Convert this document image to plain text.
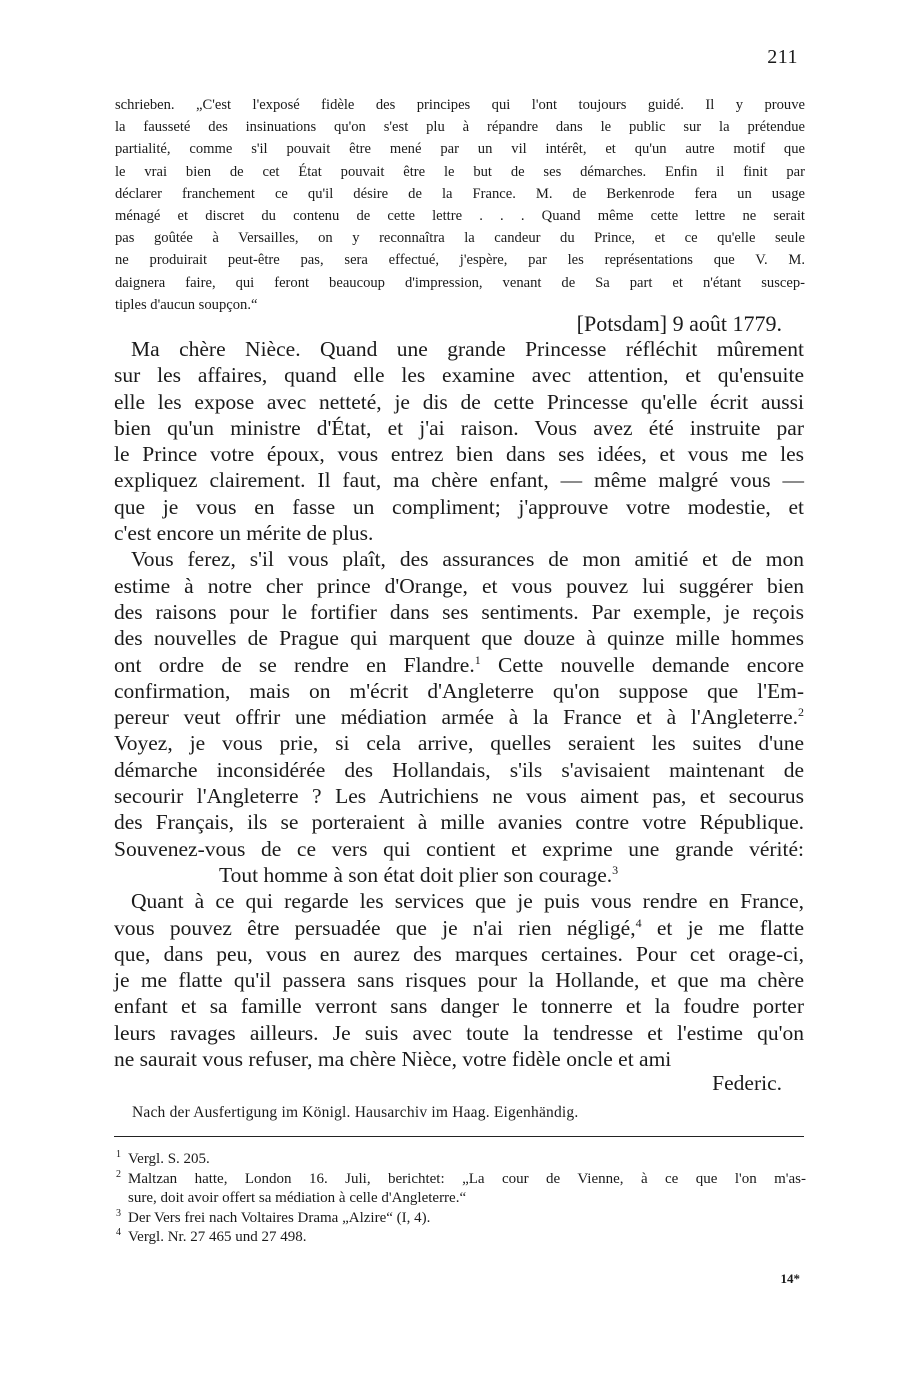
211
schrieben. „C'est l'exposé fidèle des principes qui l'ont toujours guidé. Il y prouve
la fausseté des insinuations qu'on s'est plu à répandre dans le public sur la prétendue
partialité, comme s'il pouvait être mené par un vil intérêt, et qu'un autre motif que
le vrai bien de cet État pouvait être le but de ses démarches. Enfin il finit par
déclarer franchement ce qu'il désire de la France. M. de Berkenrode fera un usage
ménagé et discret du contenu de cette lettre . . . Quand même cette lettre ne serait
pas goûtée à Versailles, on y reconnaîtra la candeur du Prince, et ce qu'elle seule
ne produirait peut-être pas, sera effectué, j'espère, par les représentations que V. M.
daignera faire, qui feront beaucoup d'impression, venant de Sa part et n'étant suscep-
tiples d'aucun soupçon.“
[Potsdam] 9 août 1779.
Ma chère Nièce. Quand une grande Princesse réfléchit mûrement
sur les affaires, quand elle les examine avec attention, et qu'ensuite
elle les expose avec netteté, je dis de cette Princesse qu'elle écrit aussi
bien qu'un ministre d'État, et j'ai raison. Vous avez été instruite par
le Prince votre époux, vous entrez bien dans ses idées, et vous me les
expliquez clairement. Il faut, ma chère enfant, — même malgré vous —
que je vous en fasse un compliment; j'approuve votre modestie, et
c'est encore un mérite de plus.
Vous ferez, s'il vous plaît, des assurances de mon amitié et de mon
estime à notre cher prince d'Orange, et vous pouvez lui suggérer bien
des raisons pour le fortifier dans ses sentiments. Par exemple, je reçois
des nouvelles de Prague qui marquent que douze à quinze mille hommes
ont ordre de se rendre en Flandre.$^1$ Cette nouvelle demande encore
confirmation, mais on m'écrit d'Angleterre qu'on suppose que l'Em-
pereur veut offrir une médiation armée à la France et à l'Angleterre.$^2$
Voyez, je vous prie, si cela arrive, quelles seraient les suites d'une
démarche inconsidérée des Hollandais, s'ils s'avisaient maintenant de
secourir l'Angleterre ? Les Autrichiens ne vous aiment pas, et secourus
des Français, ils se porteraient à mille avanies contre votre République.
Souvenez-vous de ce vers qui contient et exprime une grande vérité:
Tout homme à son état doit plier son courage.$^3$
Quant à ce qui regarde les services que je puis vous rendre en France,
vous pouvez être persuadée que je n'ai rien négligé,$^4$ et je me flatte
que, dans peu, vous en aurez des marques certaines. Pour cet orage-ci,
je me flatte qu'il passera sans risques pour la Hollande, et que ma chère
enfant et sa famille verront sans danger le tonnerre et la foudre porter
leurs ravages ailleurs. Je suis avec toute la tendresse et l'estime qu'on
ne saurait vous refuser, ma chère Nièce, votre fidèle oncle et ami
Federic.
Nach der Ausfertigung im Königl. Hausarchiv im Haag. Eigenhändig.
1 Vergl. S. 205.
2 Maltzan hatte, London 16. Juli, berichtet: „La cour de Vienne, à ce que l'on m'as-
sure, doit avoir offert sa médiation à celle d'Angleterre.“
3 Der Vers frei nach Voltaires Drama „Alzire“ (I, 4).
4 Vergl. Nr. 27 465 und 27 498.
14*
